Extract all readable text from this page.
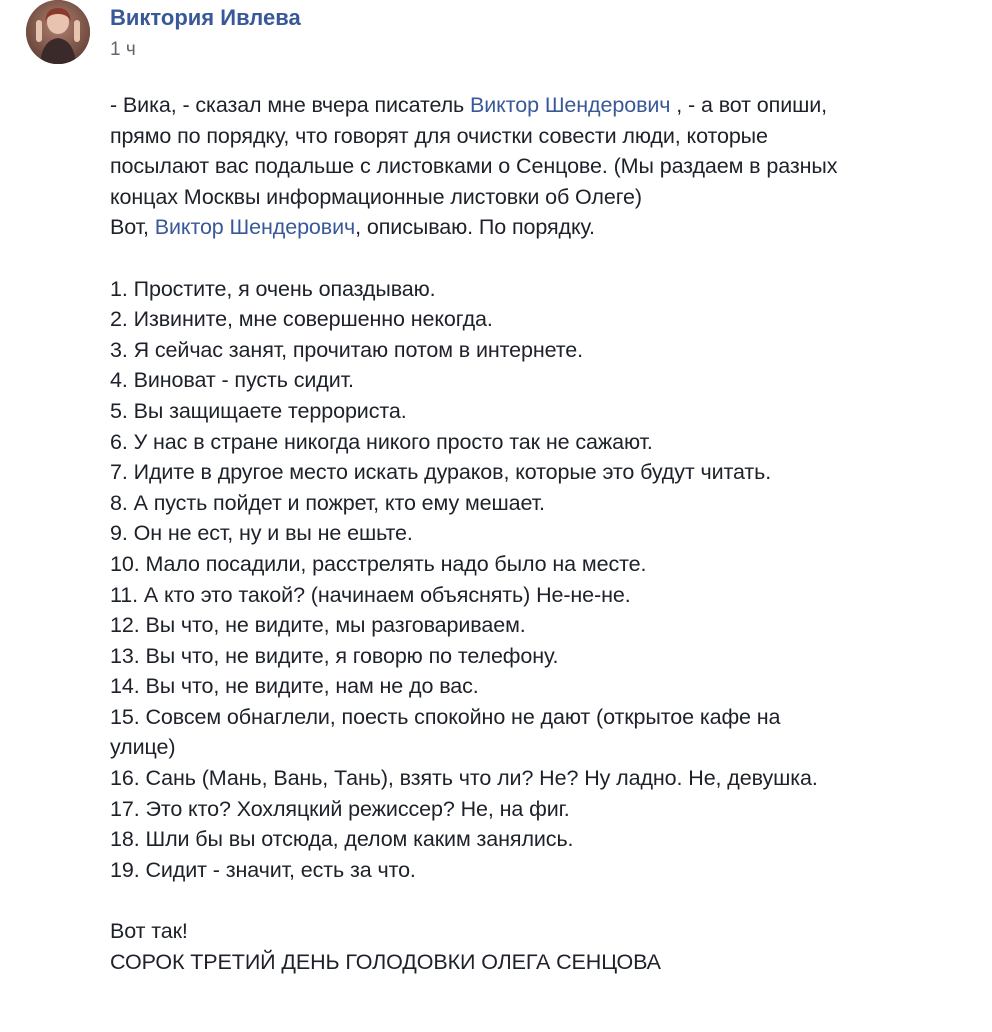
Виктория Ивлева
1 ч

- Вика, - сказал мне вчера писатель Виктор Шендерович , - а вот опиши,

прямо по порядку, что говорят для очистки совести люди, которые

посылают вас подальше с листовками о Сенцове. (Мы раздаем в разных

концах Москвы информационные листовки об Олеге)

Вот, Виктор Шендерович, описываю. По порядку.

1. Простите, я очень опаздываю.

2. Извините, мне совершенно некогда.

3. Я сейчас занят, прочитаю потом в интернете.

4. Виноват - пусть сидит.

5. Вы защищаете террориста.

6. У нас в стране никогда никого просто так не сажают.

7. Идите в другое место искать дураков, которые это будут читать.

8. А пусть пойдет и пожрет, кто ему мешает.

9. Он не ест, ну и вы не ешьте.

10. Мало посадили, расстрелять надо было на месте.

11. А кто это такой? (начинаем объяснять) Не-не-не.

12. Вы что, не видите, мы разговариваем.

13. Вы что, не видите, я говорю по телефону.

14. Вы что, не видите, нам не до вас.

15. Совсем обнаглели, поесть спокойно не дают (открытое кафе на

улице)

16. Сань (Мань, Вань, Тань), взять что ли? Не? Ну ладно. Не, девушка.

17. Это кто? Хохляцкий режиссер? Не, на фиг.

18. Шли бы вы отсюда, делом каким занялись.

19. Сидит - значит, есть за что.

Вот так!

СОРОК ТРЕТИЙ ДЕНЬ ГОЛОДОВКИ ОЛЕГА СЕНЦОВА
